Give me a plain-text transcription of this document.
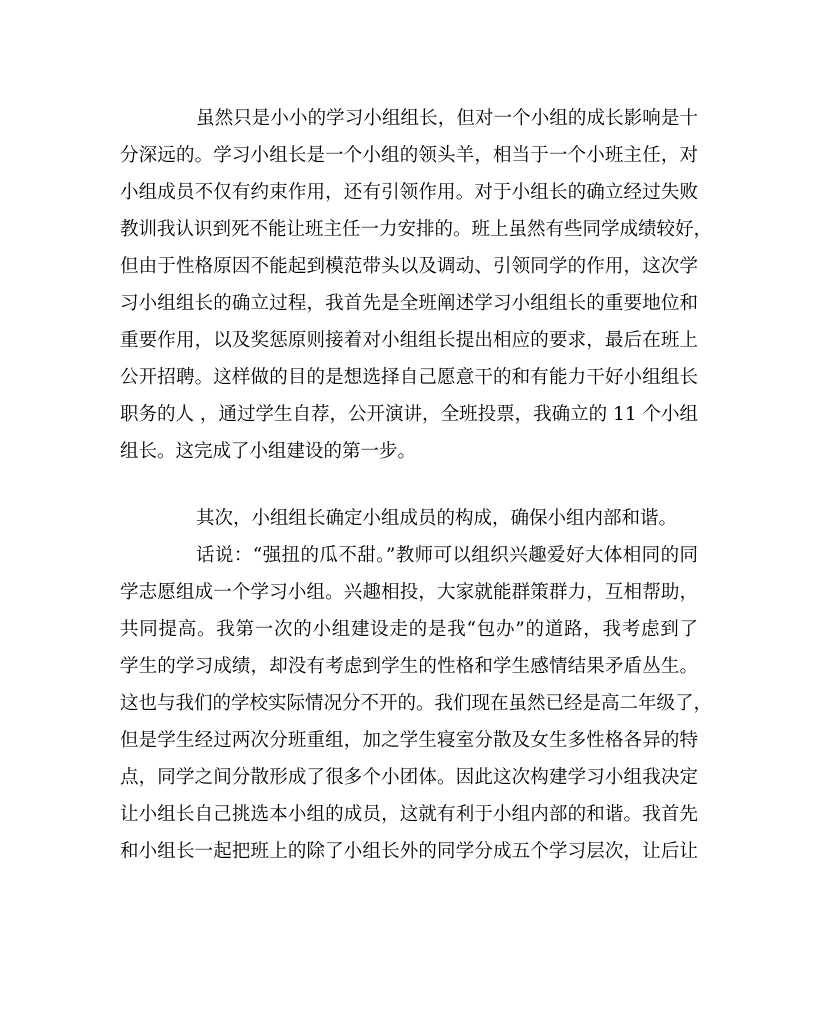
虽然只是小小的学习小组组长，但对一个小组的成长影响是十

分深远的。学习小组长是一个小组的领头羊，相当于一个小班主任，对

小组成员不仅有约束作用，还有引领作用。对于小组长的确立经过失败

教训我认识到死不能让班主任一力安排的。班上虽然有些同学成绩较好，

但由于性格原因不能起到模范带头以及调动、引领同学的作用，这次学

习小组组长的确立过程，我首先是全班阐述学习小组组长的重要地位和

重要作用，以及奖惩原则接着对小组组长提出相应的要求，最后在班上

公开招聘。这样做的目的是想选择自己愿意干的和有能力干好小组组长

职务的人 ，通过学生自荐，公开演讲，全班投票，我确立的 11 个小组

组长。这完成了小组建设的第一步。

其次，小组组长确定小组成员的构成，确保小组内部和谐。

话说：“强扭的瓜不甜。”教师可以组织兴趣爱好大体相同的同

学志愿组成一个学习小组。兴趣相投，大家就能群策群力，互相帮助，

共同提高。我第一次的小组建设走的是我“包办”的道路，我考虑到了

学生的学习成绩，却没有考虑到学生的性格和学生感情结果矛盾丛生。

这也与我们的学校实际情况分不开的。我们现在虽然已经是高二年级了，

但是学生经过两次分班重组，加之学生寝室分散及女生多性格各异的特

点，同学之间分散形成了很多个小团体。因此这次构建学习小组我决定

让小组长自己挑选本小组的成员，这就有利于小组内部的和谐。我首先

和小组长一起把班上的除了小组长外的同学分成五个学习层次，让后让
